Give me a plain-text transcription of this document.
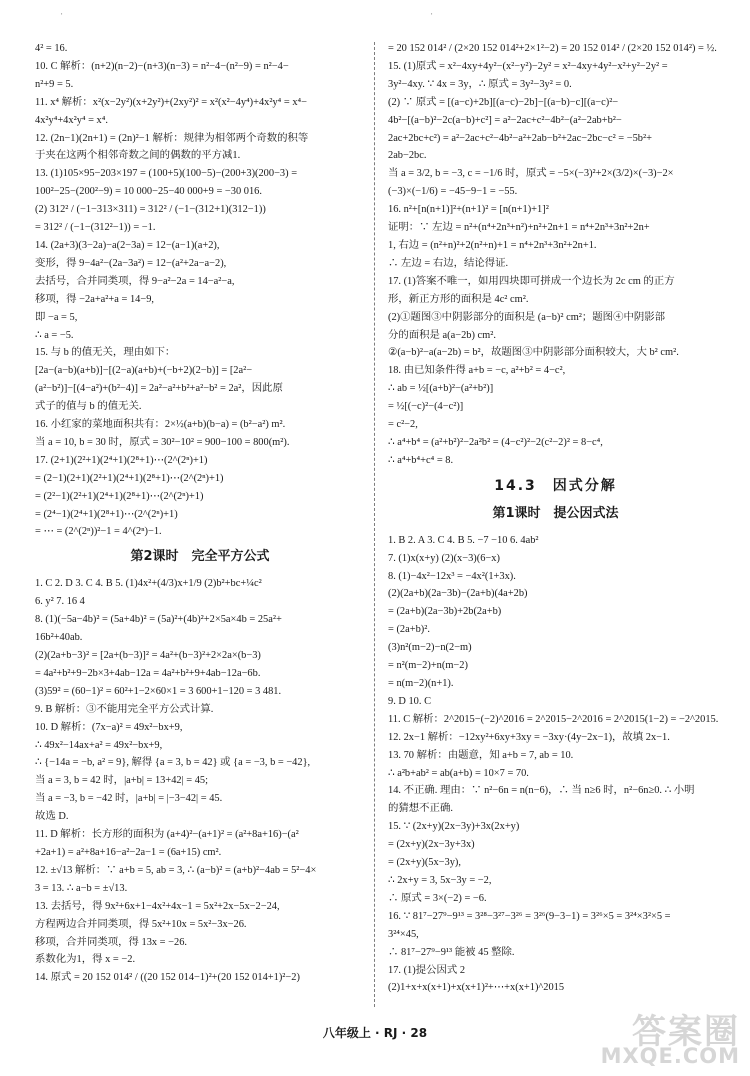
⋅	⋅
4² = 16.
10. C 解析：(n+2)(n−2)−(n+3)(n−3) = n²−4−(n²−9) = n²−4−
n²+9 = 5.
11. x⁴ 解析：x²(x−2y²)(x+2y²)+(2xy²)² = x²(x²−4y⁴)+4x²y⁴ = x⁴−
4x²y⁴+4x²y⁴ = x⁴.
12. (2n−1)(2n+1) = (2n)²−1 解析：规律为相邻两个奇数的积等
于夹在这两个相邻奇数之间的偶数的平方减1.
13. (1)105×95−203×197 = (100+5)(100−5)−(200+3)(200−3) =
100²−25−(200²−9) = 10 000−25−40 000+9 = −30 016.
(2) 312² / (−1−313×311) = 312² / (−1−(312+1)(312−1))
= 312² / (−1−(312²−1)) = −1.
14. (2a+3)(3−2a)−a(2−3a) = 12−(a−1)(a+2),
变形，得 9−4a²−(2a−3a²) = 12−(a²+2a−a−2),
去括号，合并同类项，得 9−a²−2a = 14−a²−a,
移项，得 −2a+a²+a = 14−9,
即 −a = 5,
∴ a = −5.
15. 与 b 的值无关，理由如下：
[2a−(a−b)(a+b)]−[(2−a)(a+b)+(−b+2)(2−b)] = [2a²−
(a²−b²)]−[(4−a²)+(b²−4)] = 2a²−a²+b²+a²−b² = 2a²，因此原
式子的值与 b 的值无关.
16. 小红家的菜地面积共有：2×½(a+b)(b−a) = (b²−a²) m².
当 a = 10, b = 30 时，原式 = 30²−10² = 900−100 = 800(m²).
17. (2+1)(2²+1)(2⁴+1)(2⁸+1)⋯(2^(2ⁿ)+1)
= (2−1)(2+1)(2²+1)(2⁴+1)(2⁸+1)⋯(2^(2ⁿ)+1)
= (2²−1)(2²+1)(2⁴+1)(2⁸+1)⋯(2^(2ⁿ)+1)
= (2⁴−1)(2⁴+1)(2⁸+1)⋯(2^(2ⁿ)+1)
= ⋯ = (2^(2ⁿ))²−1 = 4^(2ⁿ)−1.
第2课时　完全平方公式
1. C 2. D 3. C 4. B 5. (1)4x²+(4/3)x+1/9 (2)b²+bc+¼c²
6. y² 7. 16 4
8. (1)(−5a−4b)² = (5a+4b)² = (5a)²+(4b)²+2×5a×4b = 25a²+
16b²+40ab.
(2)(2a+b−3)² = [2a+(b−3)]² = 4a²+(b−3)²+2×2a×(b−3)
= 4a²+b²+9−2b×3+4ab−12a = 4a²+b²+9+4ab−12a−6b.
(3)59² = (60−1)² = 60²+1−2×60×1 = 3 600+1−120 = 3 481.
9. B 解析：③不能用完全平方公式计算.
10. D 解析：(7x−a)² = 49x²−bx+9,
∴ 49x²−14ax+a² = 49x²−bx+9,
∴ {−14a = −b, a² = 9}, 解得 {a = 3, b = 42} 或 {a = −3, b = −42},
当 a = 3, b = 42 时，|a+b| = 13+42| = 45;
当 a = −3, b = −42 时，|a+b| = |−3−42| = 45.
故选 D.
11. D 解析：长方形的面积为 (a+4)²−(a+1)² = (a²+8a+16)−(a²
+2a+1) = a²+8a+16−a²−2a−1 = (6a+15) cm².
12. ±√13 解析：∵ a+b = 5, ab = 3, ∴ (a−b)² = (a+b)²−4ab = 5²−4×
3 = 13. ∴ a−b = ±√13.
13. 去括号，得 9x²+6x+1−4x²+4x−1 = 5x²+2x−5x−2−24,
方程两边合并同类项，得 5x²+10x = 5x²−3x−26.
移项，合并同类项，得 13x = −26.
系数化为1，得 x = −2.
14. 原式 = 20 152 014² / ((20 152 014−1)²+(20 152 014+1)²−2)
= 20 152 014² / (2×20 152 014²+2×1²−2) = 20 152 014² / (2×20 152 014²) = ½.
15. (1)原式 = x²−4xy+4y²−(x²−y²)−2y² = x²−4xy+4y²−x²+y²−2y² =
3y²−4xy. ∵ 4x = 3y，∴ 原式 = 3y²−3y² = 0.
(2) ∵ 原式 = [(a−c)+2b][(a−c)−2b]−[(a−b)−c][(a−c)²−
4b²−[(a−b)²−2c(a−b)+c²] = a²−2ac+c²−4b²−(a²−2ab+b²−
2ac+2bc+c²) = a²−2ac+c²−4b²−a²+2ab−b²+2ac−2bc−c² = −5b²+
2ab−2bc.
当 a = 3/2, b = −3, c = −1/6 时，原式 = −5×(−3)²+2×(3/2)×(−3)−2×
(−3)×(−1/6) = −45−9−1 = −55.
16. n²+[n(n+1)]²+(n+1)² = [n(n+1)+1]²
证明：∵ 左边 = n²+(n⁴+2n³+n²)+n²+2n+1 = n⁴+2n³+3n²+2n+
1, 右边 = (n²+n)²+2(n²+n)+1 = n⁴+2n³+3n²+2n+1.
∴ 左边 = 右边，结论得证.
17. (1)答案不唯一，如用四块即可拼成一个边长为 2c cm 的正方
形，新正方形的面积是 4c² cm².
(2)①题图③中阴影部分的面积是 (a−b)² cm²；题图④中阴影部
分的面积是 a(a−2b) cm².
②(a−b)²−a(a−2b) = b²，故题图③中阴影部分面积较大，大 b² cm².
18. 由已知条件得 a+b = −c, a²+b² = 4−c²,
∴ ab = ½[(a+b)²−(a²+b²)]
= ½[(−c)²−(4−c²)]
= c²−2,
∴ a⁴+b⁴ = (a²+b²)²−2a²b² = (4−c²)²−2(c²−2)² = 8−c⁴,
∴ a⁴+b⁴+c⁴ = 8.
14.3　因式分解
第1课时　提公因式法
1. B 2. A 3. C 4. B 5. −7 −10 6. 4ab²
7. (1)x(x+y) (2)(x−3)(6−x)
8. (1)−4x²−12x³ = −4x²(1+3x).
(2)(2a+b)(2a−3b)−(2a+b)(4a+2b)
= (2a+b)(2a−3b)+2b(2a+b)
= (2a+b)².
(3)n²(m−2)−n(2−m)
= n²(m−2)+n(m−2)
= n(m−2)(n+1).
9. D 10. C
11. C 解析：2^2015−(−2)^2016 = 2^2015−2^2016 = 2^2015(1−2) = −2^2015.
12. 2x−1 解析：−12xy²+6xy+3xy = −3xy·(4y−2x−1)，故填 2x−1.
13. 70 解析：由题意，知 a+b = 7, ab = 10.
∴ a²b+ab² = ab(a+b) = 10×7 = 70.
14. 不正确. 理由：∵ n²−6n = n(n−6)，∴ 当 n≥6 时，n²−6n≥0. ∴ 小明
的猜想不正确.
15. ∵ (2x+y)(2x−3y)+3x(2x+y)
= (2x+y)(2x−3y+3x)
= (2x+y)(5x−3y),
∴ 2x+y = 3, 5x−3y = −2,
∴ 原式 = 3×(−2) = −6.
16. ∵ 81⁷−27⁹−9¹³ = 3²⁸−3²⁷−3²⁶ = 3²⁶(9−3−1) = 3²⁶×5 = 3²⁴×3²×5 =
3²⁴×45,
∴ 81⁷−27⁹−9¹³ 能被 45 整除.
17. (1)提公因式 2
(2)1+x+x(x+1)+x(x+1)²+⋯+x(x+1)^2015
八年级上 · RJ · 28	答案圈
MXQE.COM
